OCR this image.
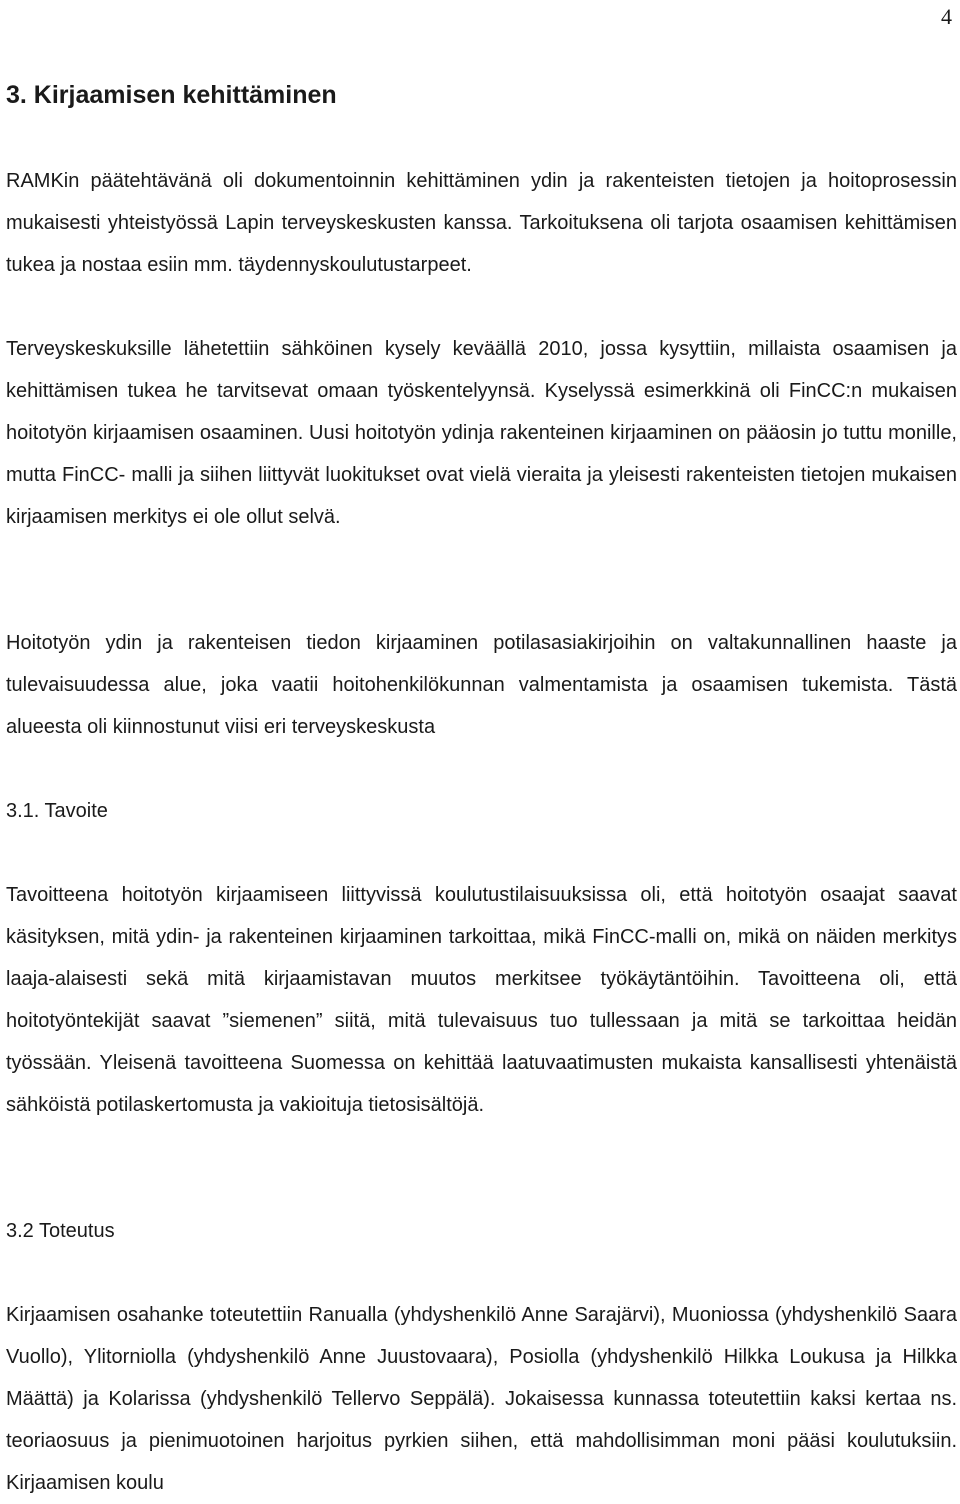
4
3. Kirjaamisen kehittäminen

RAMKin päätehtävänä oli dokumentoinnin kehittäminen ydin ja rakenteisten tietojen ja hoitoprosessin mukaisesti yhteistyössä Lapin terveyskeskusten kanssa. Tarkoituksena oli tarjota osaamisen kehittämisen tukea ja nostaa esiin mm. täydennyskoulutustarpeet.

Terveyskeskuksille lähetettiin sähköinen kysely keväällä 2010, jossa kysyttiin, millaista osaamisen ja kehittämisen tukea he tarvitsevat omaan työskentelyynsä. Kyselyssä esimerkkinä oli FinCC:n mukaisen hoitotyön kirjaamisen osaaminen. Uusi hoitotyön ydinja rakenteinen kirjaaminen on pääosin jo tuttu monille, mutta FinCC- malli ja siihen liittyvät luokitukset ovat vielä vieraita ja yleisesti rakenteisten tietojen mukaisen kirjaamisen merkitys ei ole ollut selvä.

Hoitotyön ydin ja rakenteisen tiedon kirjaaminen potilasasiakirjoihin on valtakunnallinen haaste ja tulevaisuudessa alue, joka vaatii hoitohenkilökunnan valmentamista ja osaamisen tukemista. Tästä alueesta oli kiinnostunut viisi eri terveyskeskusta

3.1. Tavoite

Tavoitteena hoitotyön kirjaamiseen liittyvissä koulutustilaisuuksissa oli, että hoitotyön osaajat saavat käsityksen, mitä ydin- ja rakenteinen kirjaaminen tarkoittaa, mikä FinCC-malli on, mikä on näiden merkitys laaja-alaisesti sekä mitä kirjaamistavan muutos merkitsee työkäytäntöihin. Tavoitteena oli, että hoitotyöntekijät saavat ”siemenen” siitä, mitä tulevaisuus tuo tullessaan ja mitä se tarkoittaa heidän työssään. Yleisenä tavoitteena Suomessa on kehittää laatuvaatimusten mukaista kansallisesti yhtenäistä sähköistä potilaskertomusta ja vakioituja tietosisältöjä.

3.2 Toteutus

Kirjaamisen osahanke toteutettiin Ranualla (yhdyshenkilö Anne Sarajärvi), Muoniossa (yhdyshenkilö Saara Vuollo), Ylitorniolla (yhdyshenkilö Anne Juustovaara), Posiolla (yhdyshenkilö Hilkka Loukusa ja Hilkka Määttä) ja Kolarissa (yhdyshenkilö Tellervo Seppälä). Jokaisessa kunnassa toteutettiin kaksi kertaa ns. teoriaosuus ja pienimuotoinen harjoitus pyrkien siihen, että mahdollisimman moni pääsi koulutuksiin. Kirjaamisen koulu
